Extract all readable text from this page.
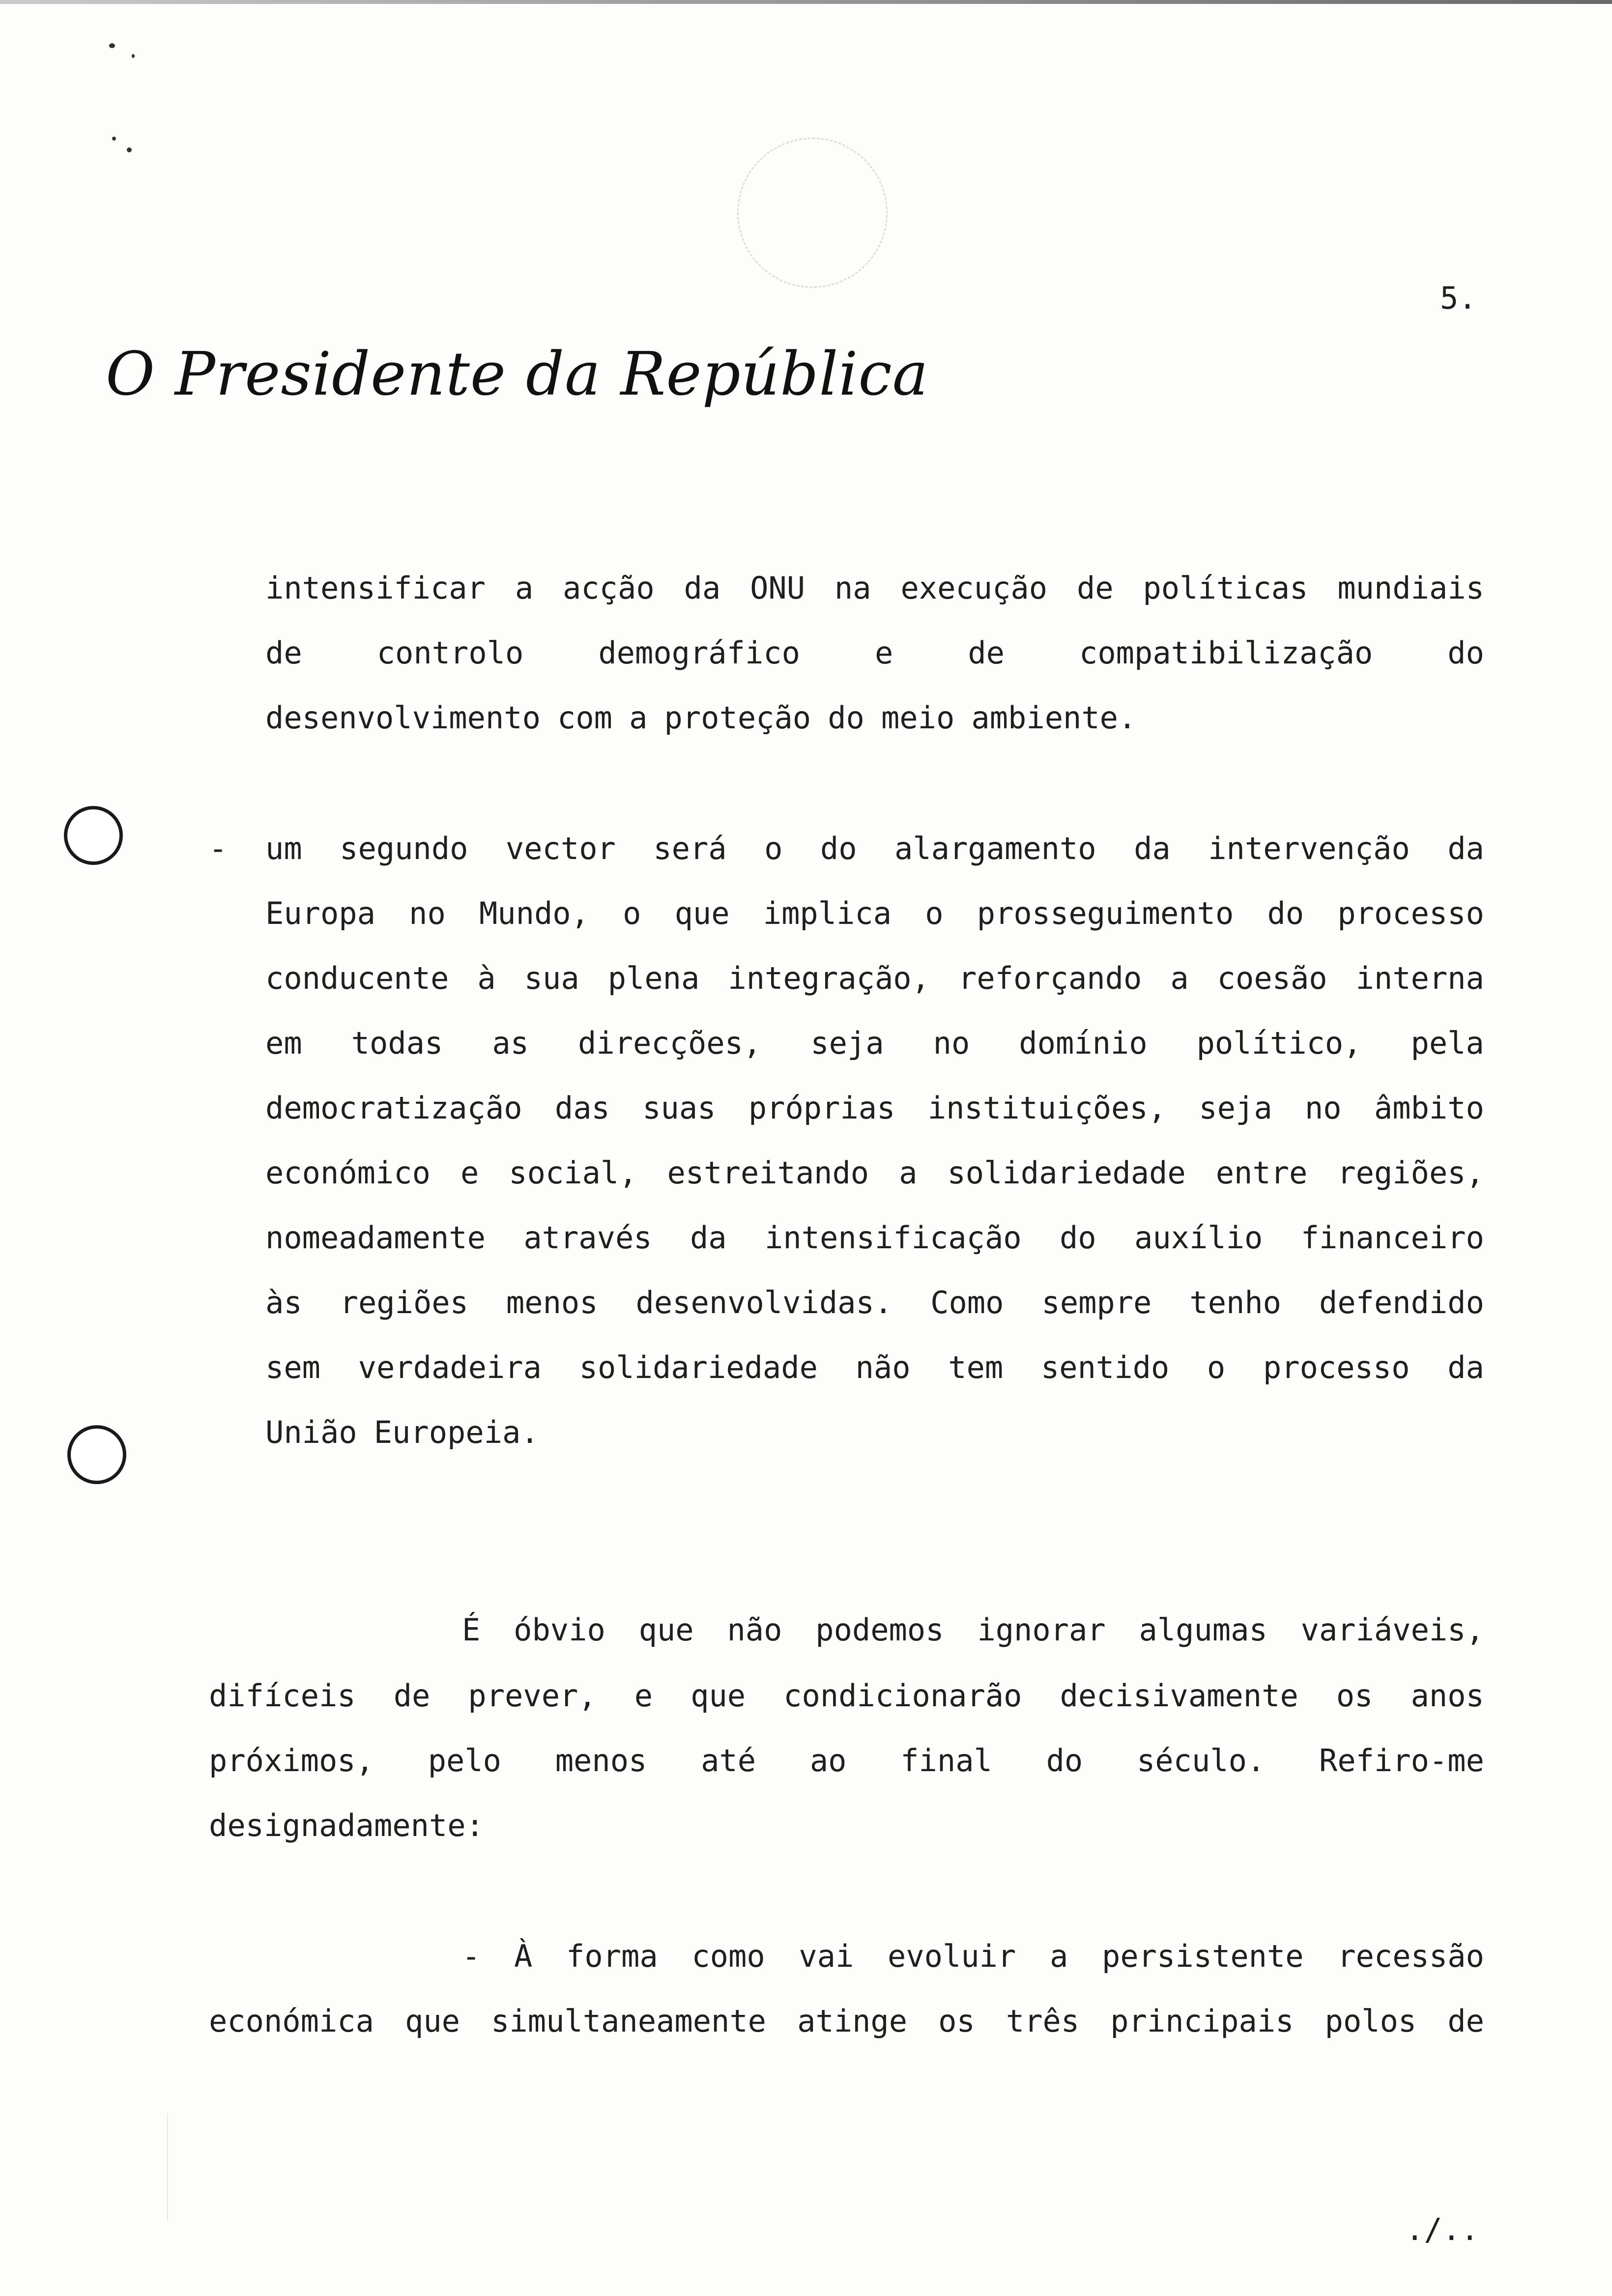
5.
O Presidente da República
intensificar a acção da ONU na execução de políticas mundiais
de controlo demográfico e de compatibilização do
desenvolvimento com a proteção do meio ambiente.
- um segundo vector será o do alargamento da intervenção da
Europa no Mundo, o que implica o prosseguimento do processo
conducente à sua plena integração, reforçando a coesão interna
em todas as direcções, seja no domínio político, pela
democratização das suas próprias instituições, seja no âmbito
económico e social, estreitando a solidariedade entre regiões,
nomeadamente através da intensificação do auxílio financeiro
às regiões menos desenvolvidas. Como sempre tenho defendido
sem verdadeira solidariedade não tem sentido o processo da
União Europeia.
É óbvio que não podemos ignorar algumas variáveis,
difíceis de prever, e que condicionarão decisivamente os anos
próximos, pelo menos até ao final do século. Refiro-me
designadamente:
- À forma como vai evoluir a persistente recessão
económica que simultaneamente atinge os três principais polos de
./..
